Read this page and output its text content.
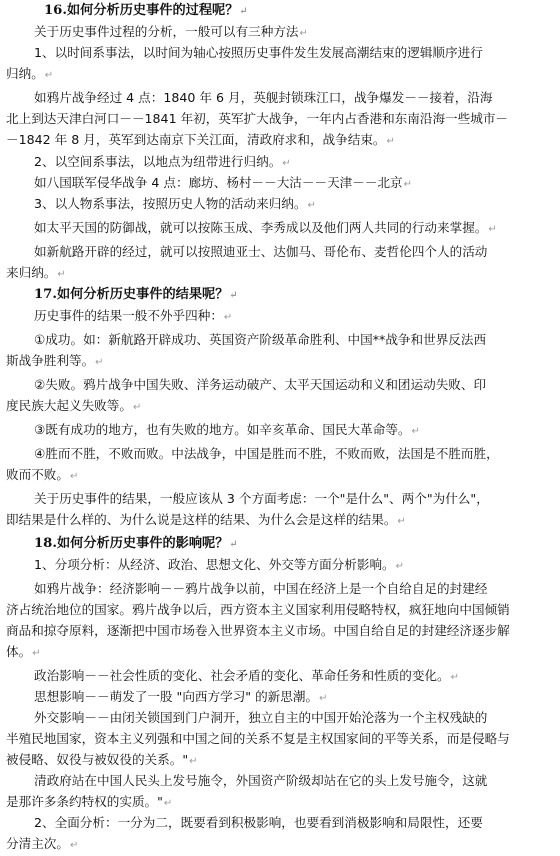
16.如何分析历史事件的过程呢？↵
关于历史事件过程的分析，一般可以有三种方法↵
1、以时间系事法，以时间为轴心按照历史事件发生发展高潮结束的逻辑顺序进行
归纳。↵
如鸦片战争经过 4 点：1840 年 6 月，英舰封锁珠江口，战争爆发－－接着，沿海
北上到达天津白河口－－1841 年初，英军扩大战争，一年内占香港和东南沿海一些城市－
－1842 年 8 月，英军到达南京下关江面，清政府求和，战争结束。↵
2、以空间系事法，以地点为纽带进行归纳。↵
如八国联军侵华战争 4 点：廊坊、杨村－－大沽－－天津－－北京↵
3、以人物系事法，按照历史人物的活动来归纳。↵
如太平天国的防御战，就可以按陈玉成、李秀成以及他们两人共同的行动来掌握。↵
如新航路开辟的经过，就可以按照迪亚士、达伽马、哥伦布、麦哲伦四个人的活动
来归纳。↵
17.如何分析历史事件的结果呢？↵
历史事件的结果一般不外乎四种：↵
①成功。如：新航路开辟成功、英国资产阶级革命胜利、中国**战争和世界反法西
斯战争胜利等。↵
②失败。鸦片战争中国失败、洋务运动破产、太平天国运动和义和团运动失败、印
度民族大起义失败等。↵
③既有成功的地方，也有失败的地方。如辛亥革命、国民大革命等。↵
④胜而不胜，不败而败。中法战争，中国是胜而不胜，不败而败，法国是不胜而胜，
败而不败。↵
关于历史事件的结果，一般应该从 3 个方面考虑：一个"是什么"、两个"为什么"，
即结果是什么样的、为什么说是这样的结果、为什么会是这样的结果。↵
18.如何分析历史事件的影响呢？↵
1、分项分析：从经济、政治、思想文化、外交等方面分析影响。↵
如鸦片战争：经济影响－－鸦片战争以前，中国在经济上是一个自给自足的封建经
济占统治地位的国家。鸦片战争以后，西方资本主义国家利用侵略特权，疯狂地向中国倾销
商品和掠夺原料，逐渐把中国市场卷入世界资本主义市场。中国自给自足的封建经济逐步解
体。↵
政治影响－－社会性质的变化、社会矛盾的变化、革命任务和性质的变化。↵
思想影响－－萌发了一股 "向西方学习" 的新思潮。↵
外交影响－－由闭关锁国到门户洞开，独立自主的中国开始沦落为一个主权残缺的
半殖民地国家，资本主义列强和中国之间的关系不复是主权国家间的平等关系，而是侵略与
被侵略、奴役与被奴役的关系。"↵
清政府站在中国人民头上发号施令，外国资产阶级却站在它的头上发号施令，这就
是那许多条约特权的实质。"↵
2、全面分析：一分为二，既要看到积极影响，也要看到消极影响和局限性，还要
分清主次。↵
